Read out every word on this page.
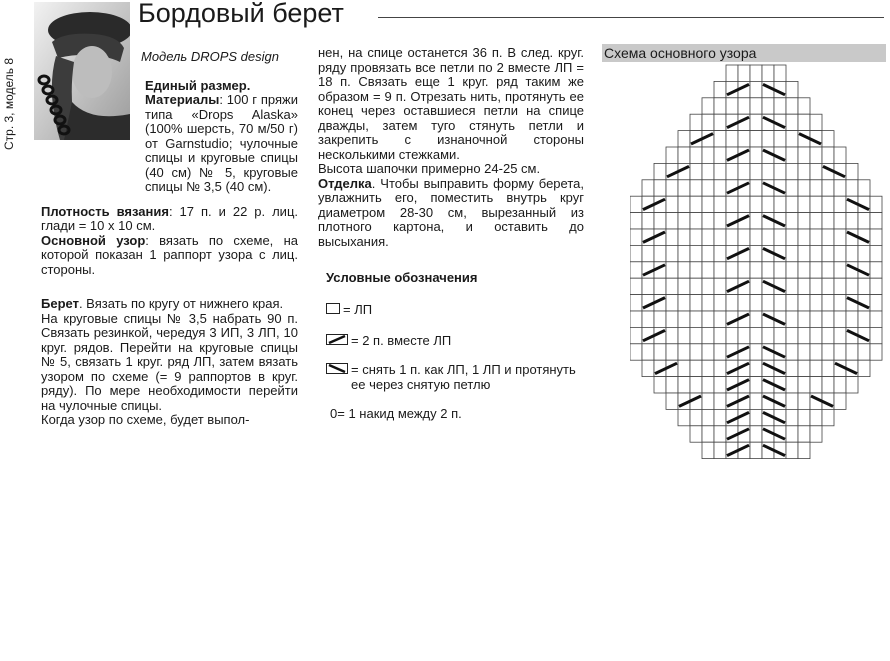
Бордовый берет
Стр. 3, модель 8
Модель DROPS design
Единый размер.
Материалы: 100 г пряжи типа «Drops Alaska» (100% шерсть, 70 м/50 г) от Garnstudio; чулочные спицы и круговые спицы (40 см) № 5, круговые спицы № 3,5 (40 см).
Плотность вязания: 17 п. и 22 р. лиц. глади = 10 х 10 см.
Основной узор: вязать по схеме, на которой показан 1 раппорт узора с лиц. стороны.
Берет. Вязать по кругу от нижнего края.
На круговые спицы № 3,5 набрать 90 п. Связать резинкой, чередуя 3 ИП, 3 ЛП, 10 круг. рядов. Перейти на круговые спицы № 5, связать 1 круг. ряд ЛП, затем вязать узором по схеме (= 9 раппортов в круг. ряду). По мере необходимости перейти на чулочные спицы.
Когда узор по схеме, будет выпол-
нен, на спице останется 36 п. В след. круг. ряду провязать все петли по 2 вместе ЛП = 18 п. Связать еще 1 круг. ряд таким же образом = 9 п. Отрезать нить, протянуть ее конец через оставшиеся петли на спице дважды, затем туго стянуть петли и закрепить с изнаночной стороны несколькими стежками.
Высота шапочки примерно 24-25 см.
Отделка. Чтобы выправить форму берета, увлажнить его, поместить внутрь круг диаметром 28-30 см, вырезанный из плотного картона, и оставить до высыхания.
Условные обозначения
= ЛП
= 2 п. вместе ЛП
= снять 1 п. как ЛП, 1 ЛП и протянуть ее через снятую петлю
0 = 1 накид между 2 п.
Схема основного узора
